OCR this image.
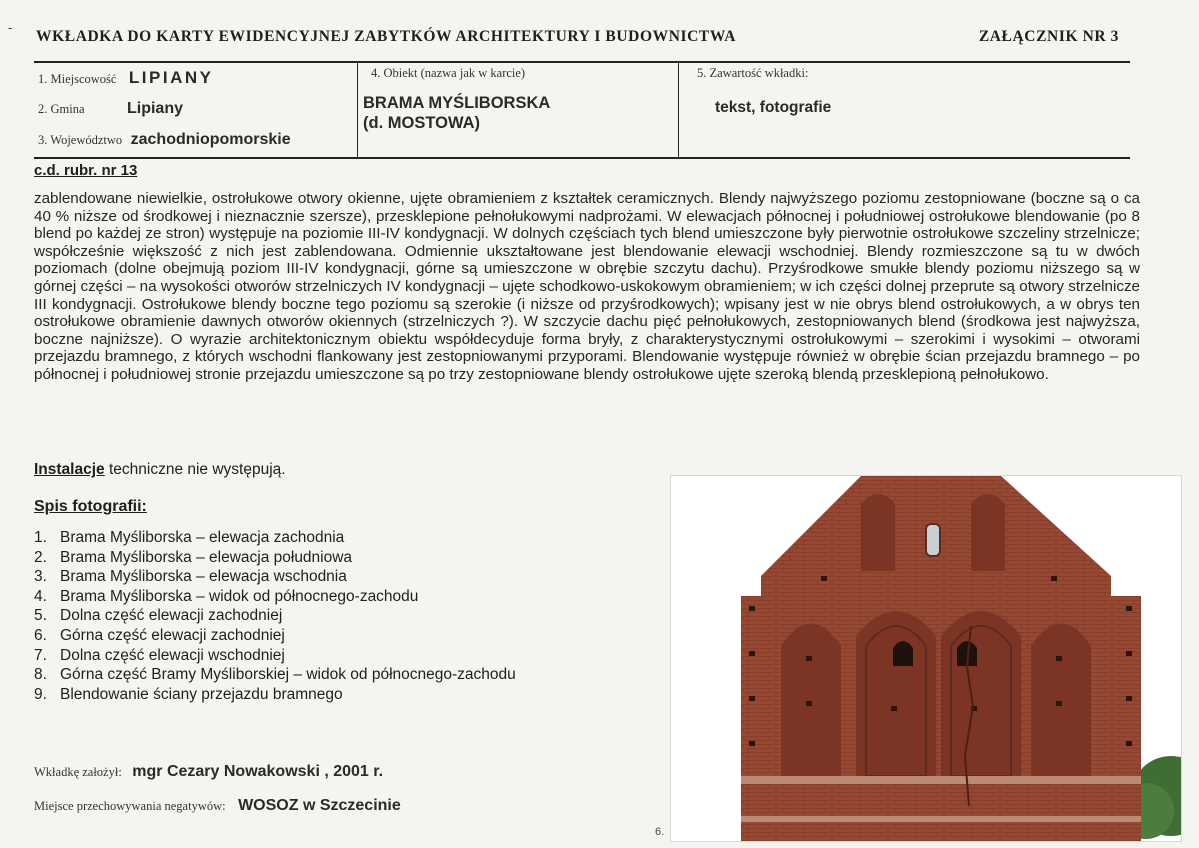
-
WKŁADKA DO KARTY EWIDENCYJNEJ ZABYTKÓW ARCHITEKTURY I BUDOWNICTWA	ZAŁĄCZNIK NR 3
1. Miejscowość LIPIANY
2. Gmina	Lipiany
3. Województwo zachodniopomorskie
4. Obiekt (nazwa jak w karcie)
BRAMA MYŚLIBORSKA
(d. MOSTOWA)
5. Zawartość wkładki:
tekst, fotografie
c.d. rubr. nr 13
zablendowane niewielkie, ostrołukowe otwory okienne, ujęte obramieniem z kształtek ceramicznych. Blendy najwyższego poziomu zestopniowane (boczne są o ca 40 % niższe od środkowej i nieznacznie szersze), przesklepione pełnołukowymi nadprożami. W elewacjach północnej i południowej ostrołukowe blendowanie (po 8 blend po każdej ze stron) występuje na poziomie III-IV kondygnacji. W dolnych częściach tych blend umieszczone były pierwotnie ostrołukowe szczeliny strzelnicze; współcześnie większość z nich jest zablendowana. Odmiennie ukształtowane jest blendowanie elewacji wschodniej. Blendy rozmieszczone są tu w dwóch poziomach (dolne obejmują poziom III-IV kondygnacji, górne są umieszczone w obrębie szczytu dachu). Przyśrodkowe smukłe blendy poziomu niższego są w górnej części – na wysokości otworów strzelniczych IV kondygnacji – ujęte schodkowo-uskokowym obramieniem; w ich części dolnej przeprute są otwory strzelnicze III kondygnacji. Ostrołukowe blendy boczne tego poziomu są szerokie (i niższe od przyśrodkowych); wpisany jest w nie obrys blend ostrołukowych, a w obrys ten ostrołukowe obramienie dawnych otworów okiennych (strzelniczych ?). W szczycie dachu pięć pełnołukowych, zestopniowanych blend (środkowa jest najwyższa, boczne najniższe). O wyrazie architektonicznym obiektu współdecyduje forma bryły, z charakterystycznymi ostrołukowymi – szerokimi i wysokimi – otworami przejazdu bramnego, z których wschodni flankowany jest zestopniowanymi przyporami. Blendowanie występuje również w obrębie ścian przejazdu bramnego – po północnej i południowej stronie przejazdu umieszczone są po trzy zestopniowane blendy ostrołukowe ujęte szeroką blendą przesklepioną pełnołukowo.
Instalacje techniczne nie występują.
Spis fotografii:
1. Brama Myśliborska – elewacja zachodnia
2. Brama Myśliborska – elewacja południowa
3. Brama Myśliborska – elewacja wschodnia
4. Brama Myśliborska – widok od północnego-zachodu
5. Dolna część elewacji zachodniej
6. Górna część elewacji zachodniej
7. Dolna część elewacji wschodniej
8. Górna część Bramy Myśliborskiej – widok od północnego-zachodu
9. Blendowanie ściany przejazdu bramnego
Wkładkę założył: mgr Cezary Nowakowski , 2001 r.
Miejsce przechowywania negatywów: WOSOZ w Szczecinie
6.
